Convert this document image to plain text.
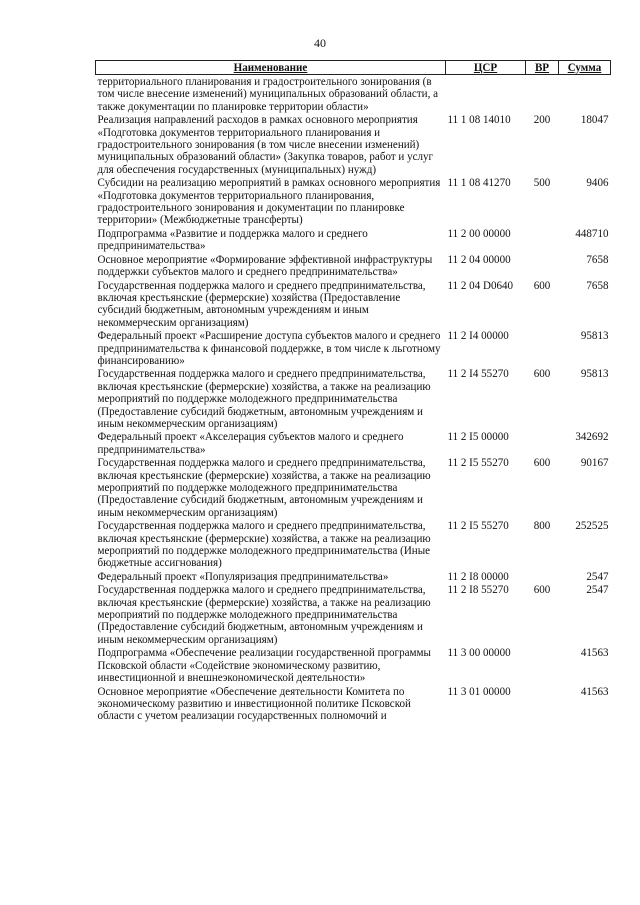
40
Наименование	ЦСР	ВР	Сумма
территориального планирования и градостроительного зонирования (в том числе внесение изменений) муниципальных образований области, а также документации по планировке территории области»			
Реализация направлений расходов в рамках основного мероприятия «Подготовка документов территориального планирования и градостроительного зонирования (в том числе внесении изменений) муниципальных образований области» (Закупка товаров, работ и услуг для обеспечения государственных (муниципальных) нужд)	11 1 08 14010	200	18047
Субсидии на реализацию мероприятий в рамках основного мероприятия «Подготовка документов территориального планирования, градостроительного зонирования и документации по планировке территории» (Межбюджетные трансферты)	11 1 08 41270	500	9406
Подпрограмма «Развитие и поддержка малого и среднего предпринимательства»	11 2 00 00000		448710
Основное мероприятие «Формирование эффективной инфраструктуры поддержки субъектов малого и среднего предпринимательства»	11 2 04 00000		7658
Государственная поддержка малого и среднего предпринимательства, включая крестьянские (фермерские) хозяйства (Предоставление субсидий бюджетным, автономным учреждениям и иным некоммерческим организациям)	11 2 04 D0640	600	7658
Федеральный проект «Расширение доступа субъектов малого и среднего предпринимательства к финансовой поддержке, в том числе к льготному финансированию»	11 2 I4 00000		95813
Государственная поддержка малого и среднего предпринимательства, включая крестьянские (фермерские) хозяйства, а также на реализацию мероприятий по поддержке молодежного предпринимательства (Предоставление субсидий бюджетным, автономным учреждениям и иным некоммерческим организациям)	11 2 I4 55270	600	95813
Федеральный проект «Акселерация субъектов малого и среднего предпринимательства»	11 2 I5 00000		342692
Государственная поддержка малого и среднего предпринимательства, включая крестьянские (фермерские) хозяйства, а также на реализацию мероприятий по поддержке молодежного предпринимательства (Предоставление субсидий бюджетным, автономным учреждениям и иным некоммерческим организациям)	11 2 I5 55270	600	90167
Государственная поддержка малого и среднего предпринимательства, включая крестьянские (фермерские) хозяйства, а также на реализацию мероприятий по поддержке молодежного предпринимательства (Иные бюджетные ассигнования)	11 2 I5 55270	800	252525
Федеральный проект «Популяризация предпринимательства»	11 2 I8 00000		2547
Государственная поддержка малого и среднего предпринимательства, включая крестьянские (фермерские) хозяйства, а также на реализацию мероприятий по поддержке молодежного предпринимательства (Предоставление субсидий бюджетным, автономным учреждениям и иным некоммерческим организациям)	11 2 I8 55270	600	2547
Подпрограмма «Обеспечение реализации государственной программы Псковской области «Содействие экономическому развитию, инвестиционной и внешнеэкономической деятельности»	11 3 00 00000		41563
Основное мероприятие «Обеспечение деятельности Комитета по экономическому развитию и инвестиционной политике Псковской области с учетом реализации государственных полномочий и	11 3 01 00000		41563
